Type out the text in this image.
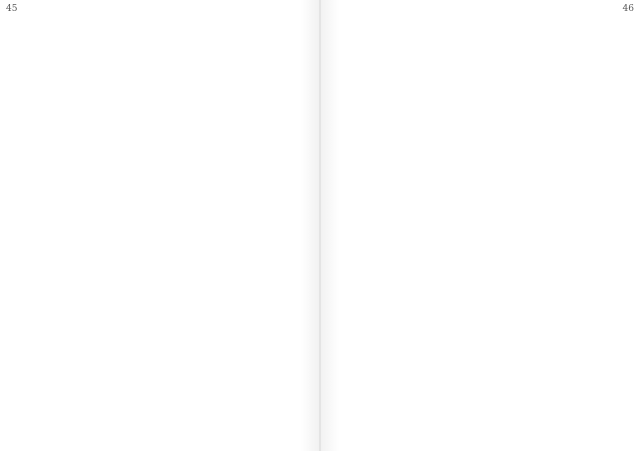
45	46
